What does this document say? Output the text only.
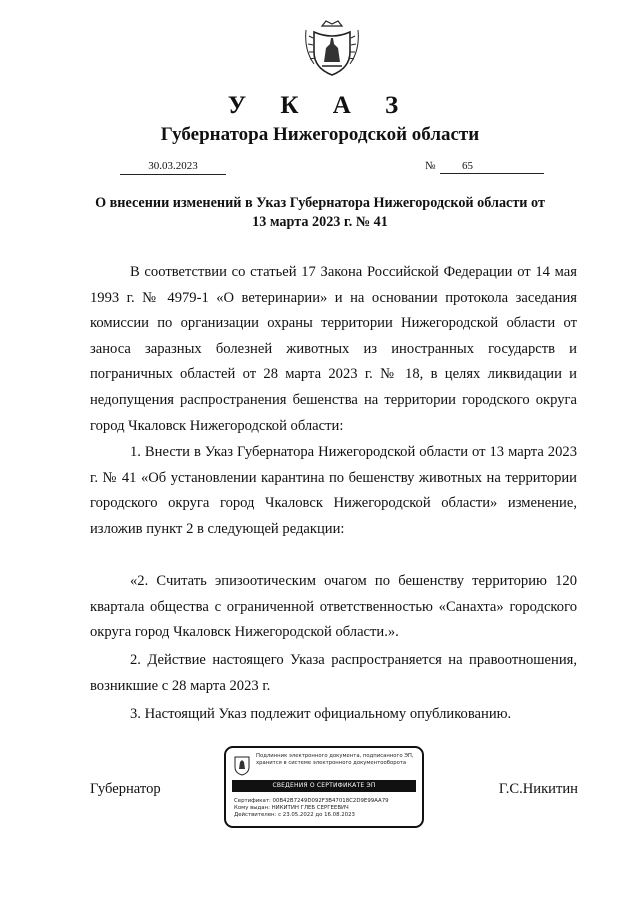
У К А З
Губернатора Нижегородской области
30.03.2023	№	65
О внесении изменений в Указ Губернатора Нижегородской области от 13 марта 2023 г. № 41

В соответствии со статьей 17 Закона Российской Федерации от 14 мая 1993 г. № 4979-1 «О ветеринарии» и на основании протокола заседания комиссии по организации охраны территории Нижегородской области от заноса заразных болезней животных из иностранных государств и пограничных областей от 28 марта 2023 г. № 18, в целях ликвидации и недопущения распространения бешенства на территории городского округа город Чкаловск Нижегородской области:

1. Внести в Указ Губернатора Нижегородской области от 13 марта 2023 г. № 41 «Об установлении карантина по бешенству животных на территории городского округа город Чкаловск Нижегородской области» изменение, изложив пункт 2 в следующей редакции:

«2. Считать эпизоотическим очагом по бешенству территорию 120 квартала общества с ограниченной ответственностью «Санахта» городского округа город Чкаловск Нижегородской области.».

2. Действие настоящего Указа распространяется на правоотношения, возникшие с 28 марта 2023 г.

3. Настоящий Указ подлежит официальному опубликованию.

Губернатор	Г.С.Никитин
Подлинник электронного документа, подписанного ЭП, хранится в системе электронного документооборота
СВЕДЕНИЯ О СЕРТИФИКАТЕ ЭП
Сертификат: 00B42B7249D092F3B47018C2D9E99AA79
Кому выдан: НИКИТИН ГЛЕБ СЕРГЕЕВИЧ
Действителен: с 23.05.2022 до 16.08.2023
